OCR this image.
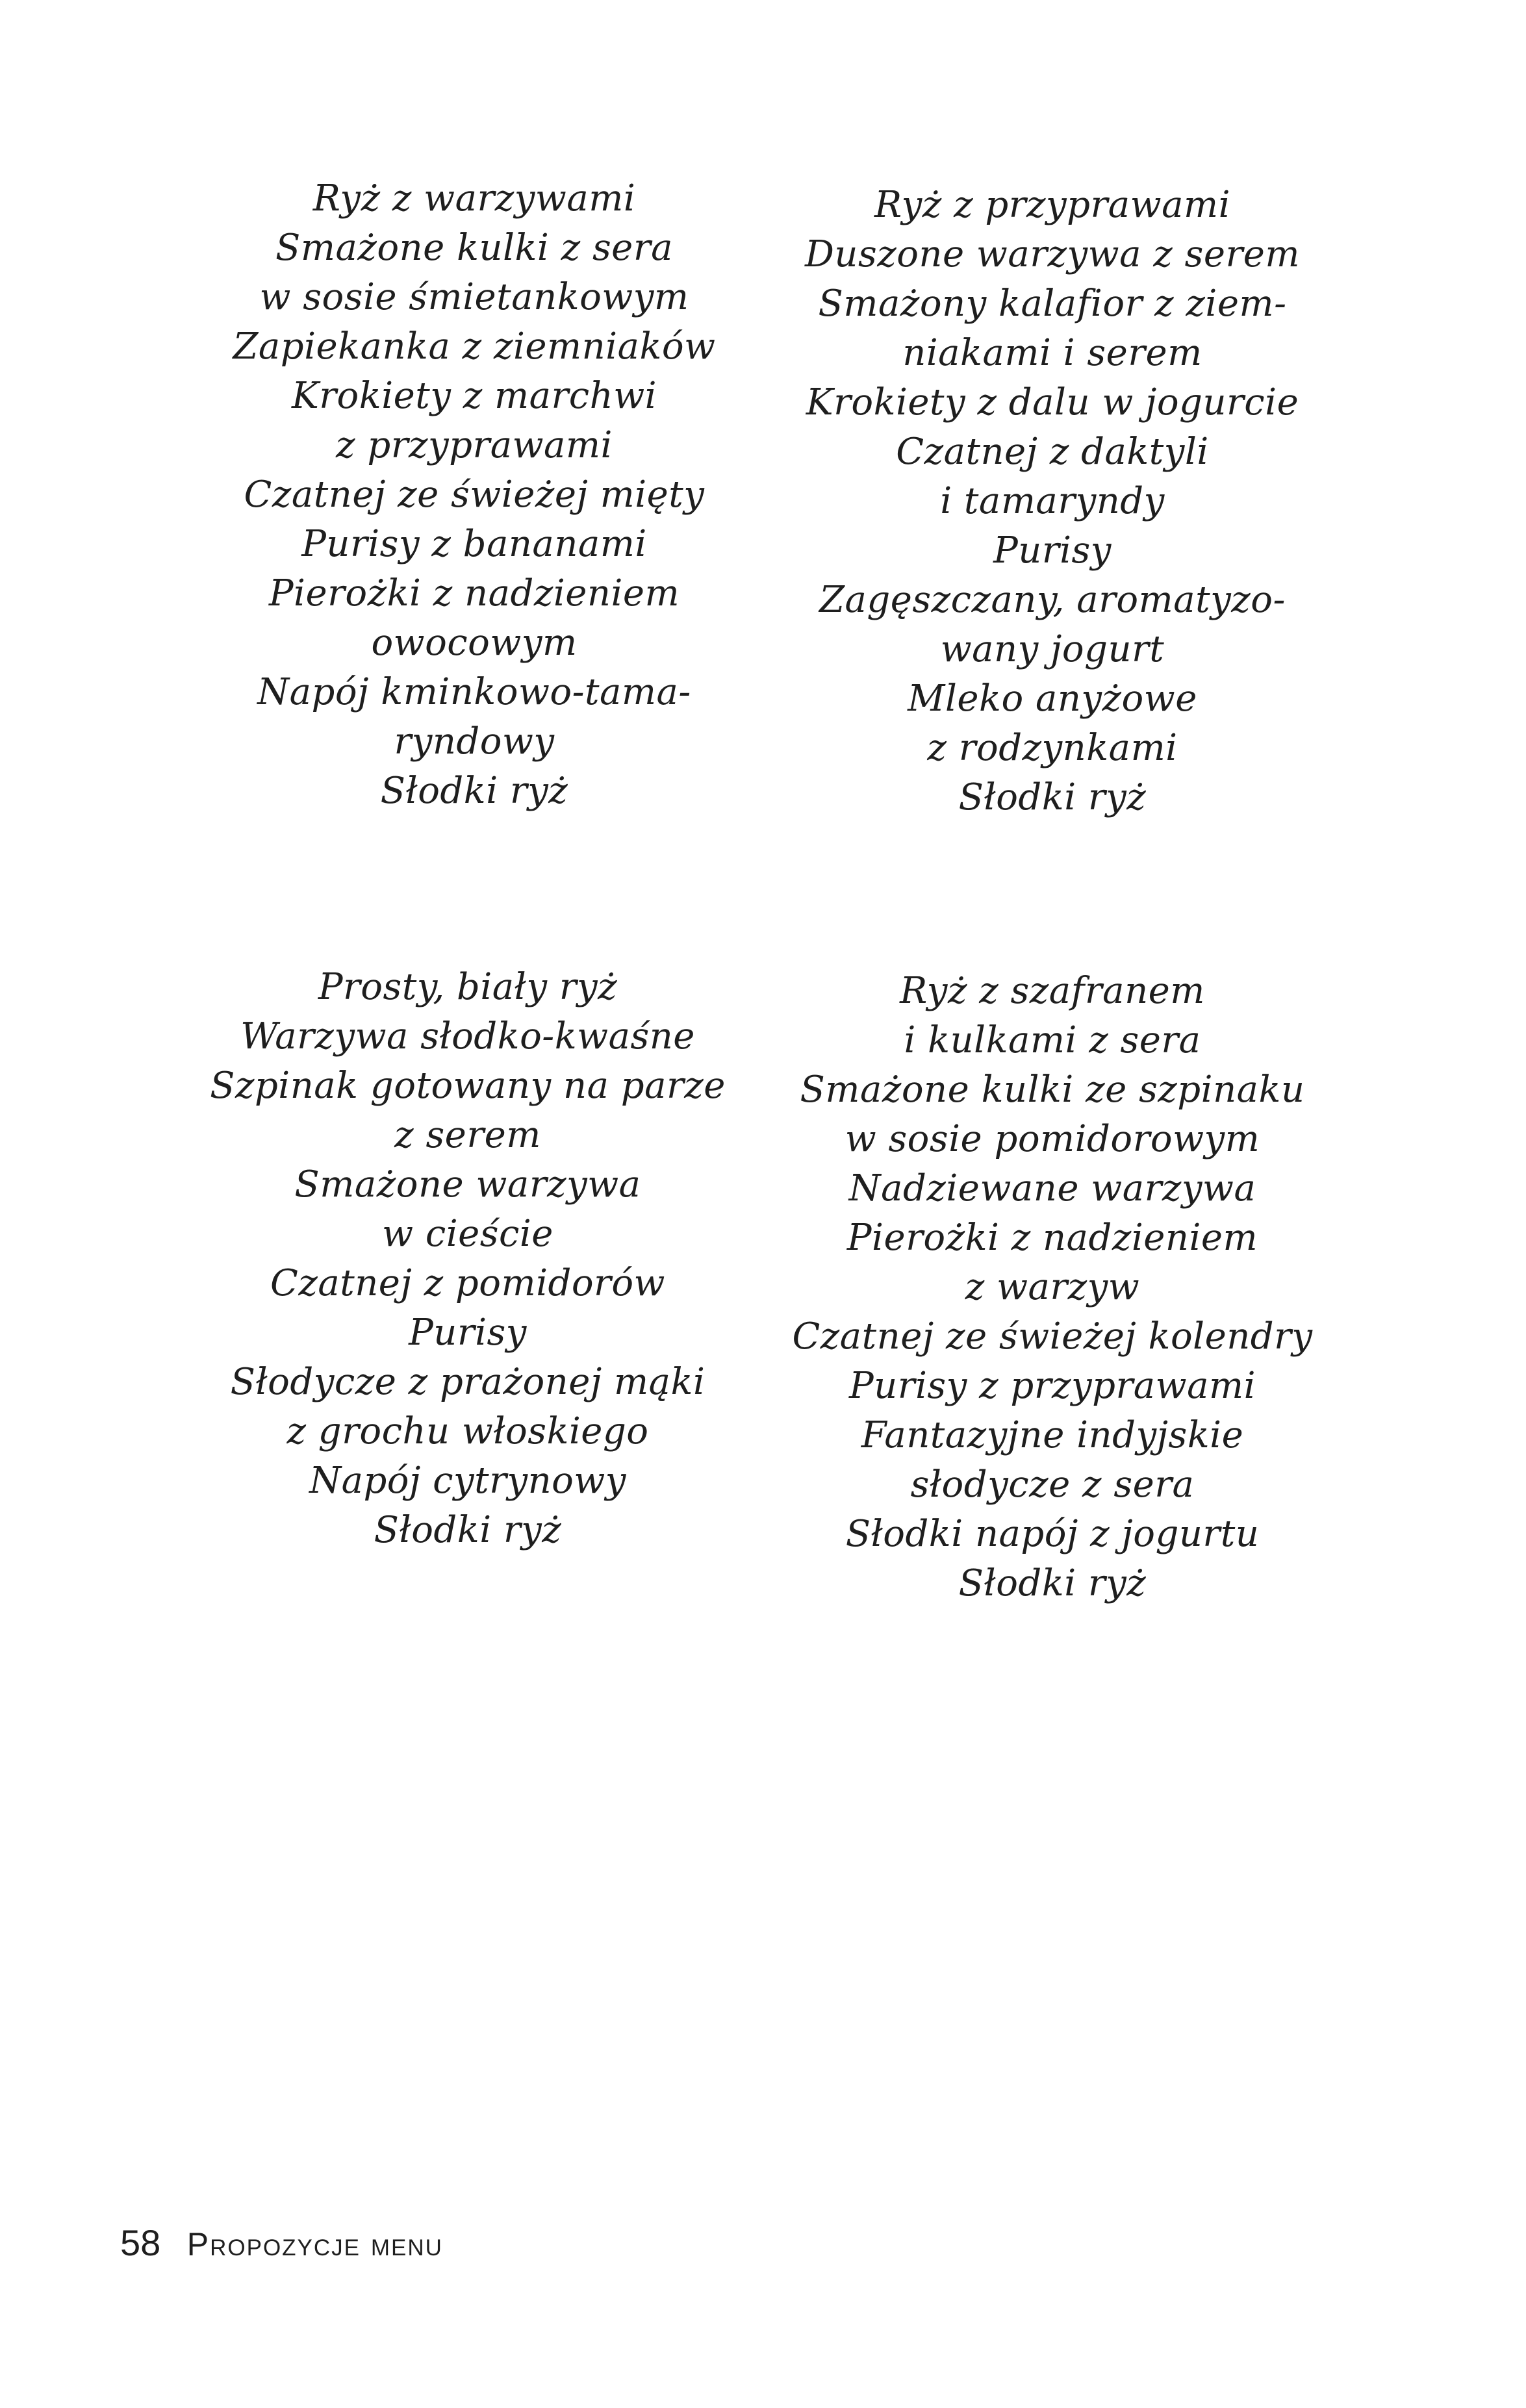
Ryż z warzywami
Smażone kulki z sera
w sosie śmietankowym
Zapiekanka z ziemniaków
Krokiety z marchwi
z przyprawami
Czatnej ze świeżej mięty
Purisy z bananami
Pierożki z nadzieniem
owocowym
Napój kminkowo-tama-
ryndowy
Słodki ryż
Ryż z przyprawami
Duszone warzywa z serem
Smażony kalafior z ziem-
niakami i serem
Krokiety z dalu w jogurcie
Czatnej z daktyli
i tamaryndy
Purisy
Zagęszczany, aromatyzo-
wany jogurt
Mleko anyżowe
z rodzynkami
Słodki ryż
Prosty, biały ryż
Warzywa słodko-kwaśne
Szpinak gotowany na parze
z serem
Smażone warzywa
w cieście
Czatnej z pomidorów
Purisy
Słodycze z prażonej mąki
z grochu włoskiego
Napój cytrynowy
Słodki ryż
Ryż z szafranem
i kulkami z sera
Smażone kulki ze szpinaku
w sosie pomidorowym
Nadziewane warzywa
Pierożki z nadzieniem
z warzyw
Czatnej ze świeżej kolendry
Purisy z przyprawami
Fantazyjne indyjskie
słodycze z sera
Słodki napój z jogurtu
Słodki ryż
58 Propozycje menu
